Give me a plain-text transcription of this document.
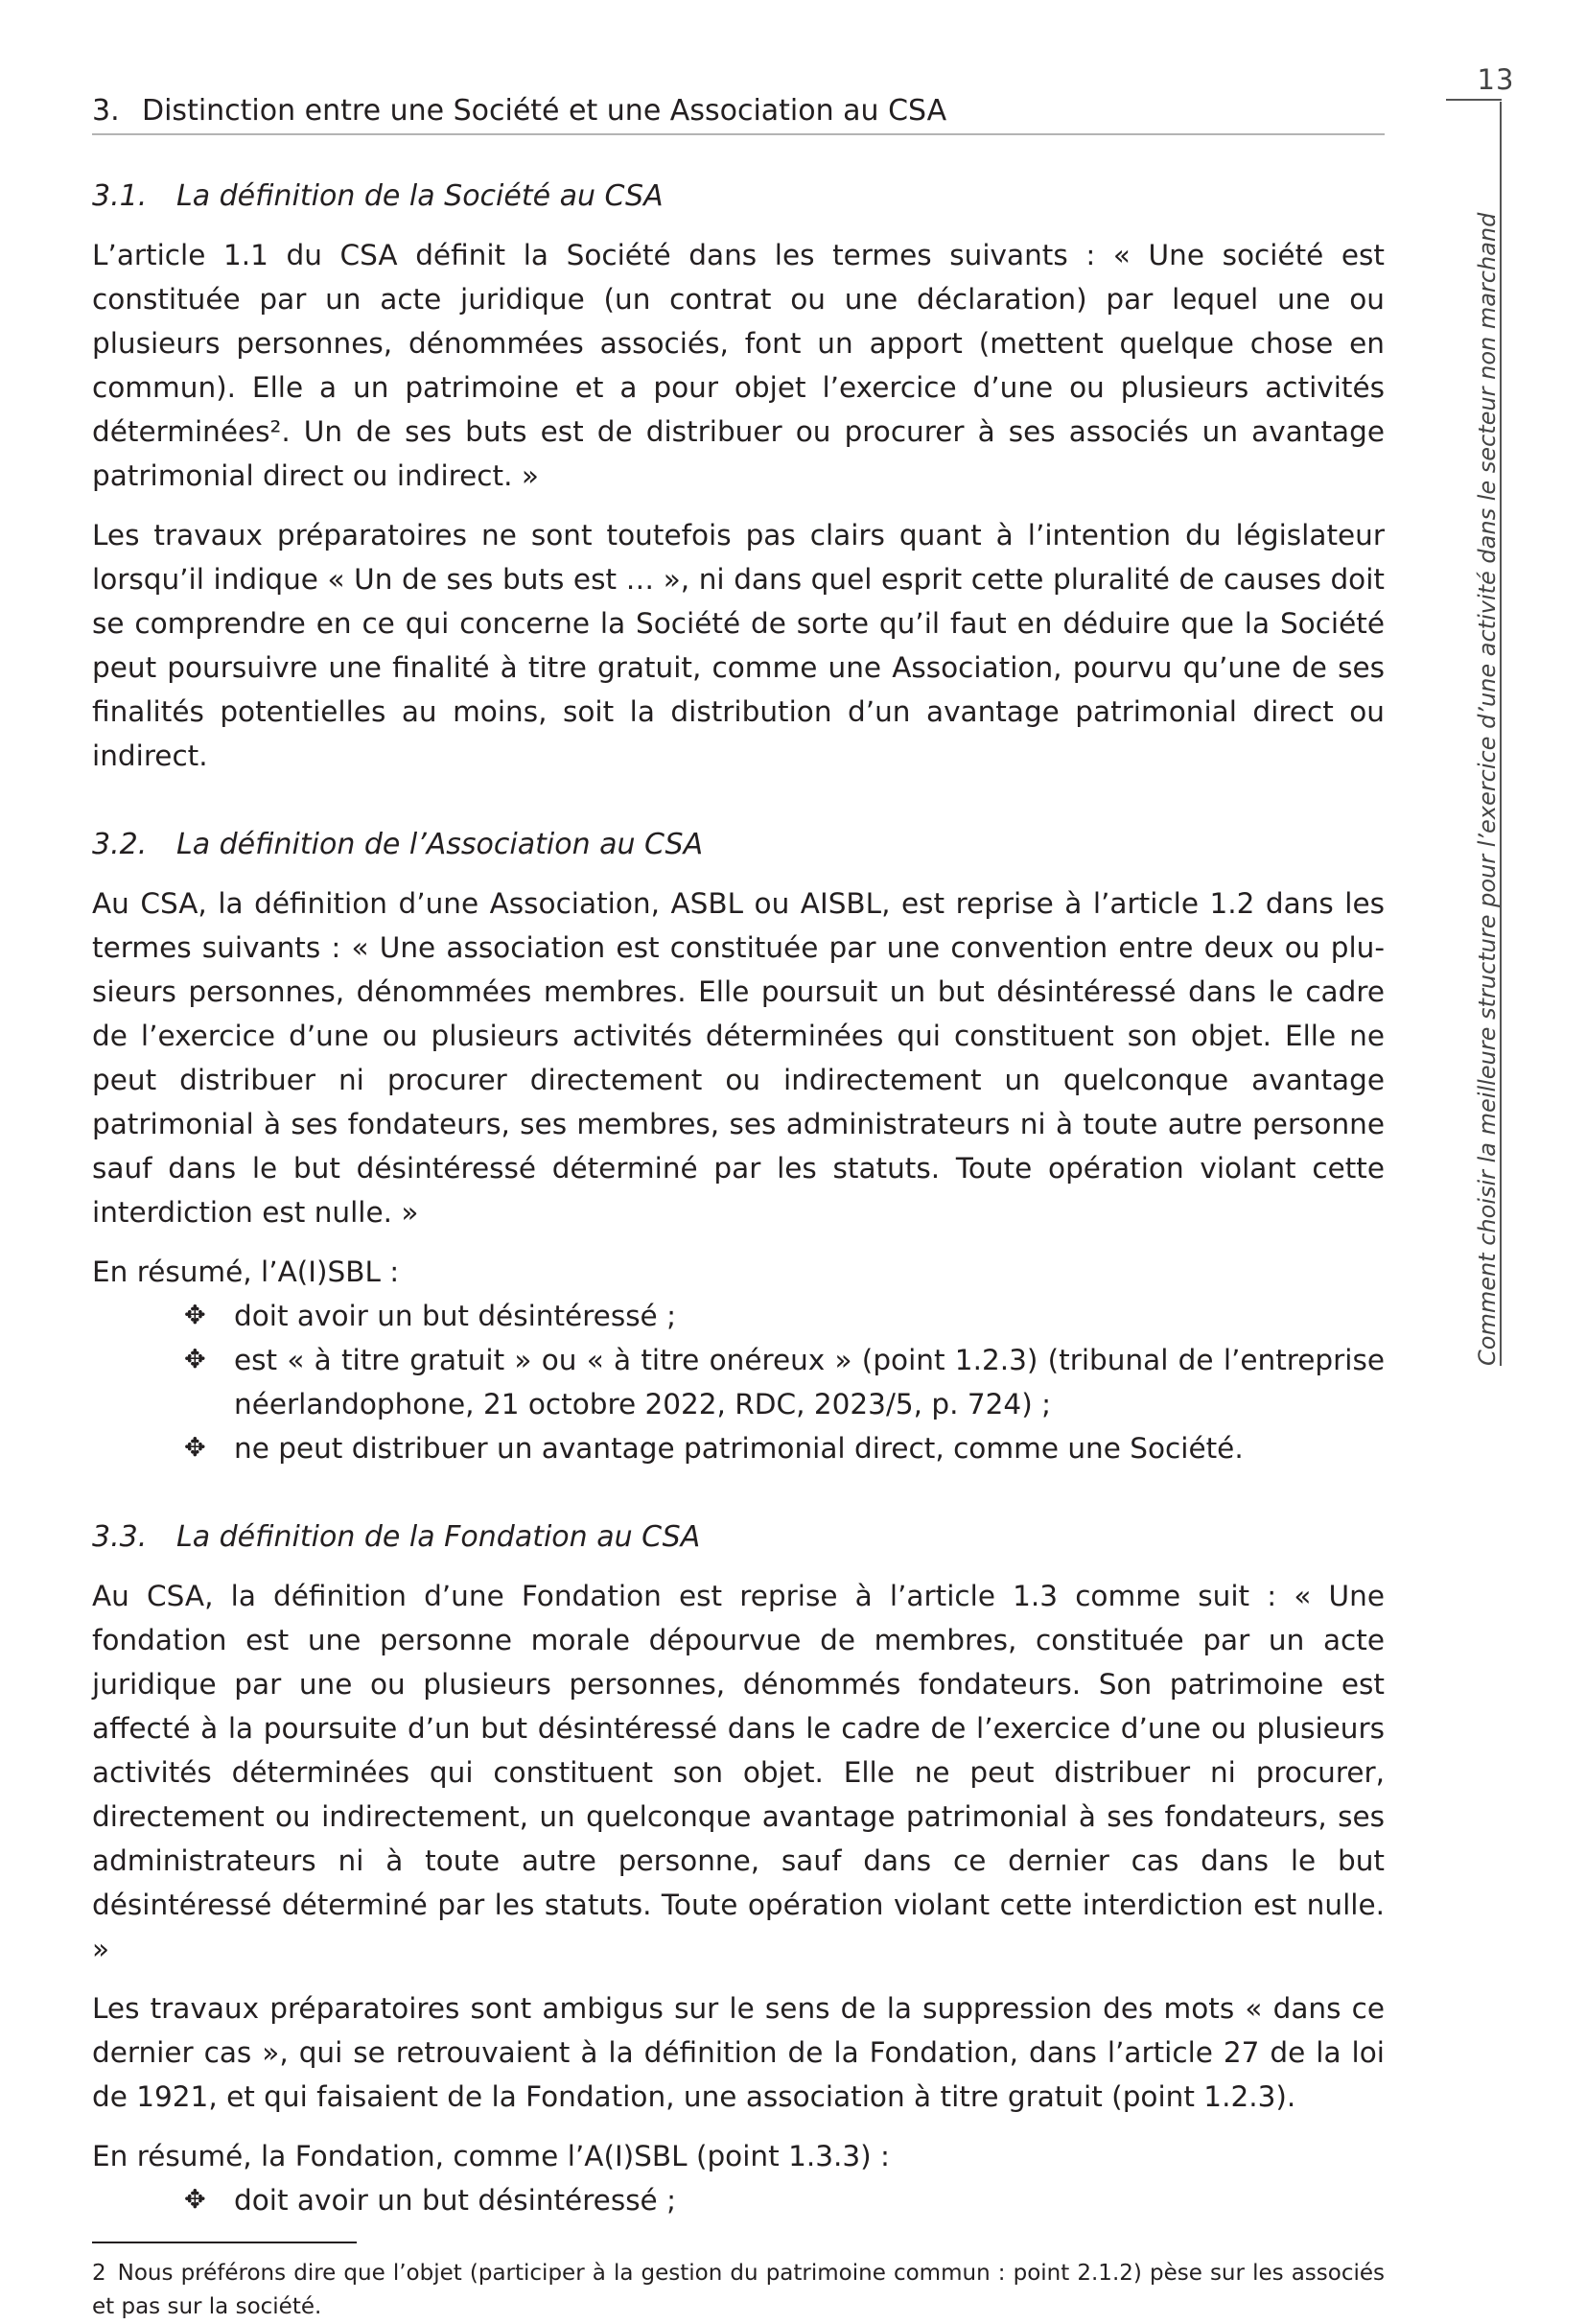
13
Comment choisir la meilleure structure pour l’exercice d’une activité dans le secteur non marchand
3. Distinction entre une Société et une Association au CSA
3.1. La définition de la Société au CSA

L’article 1.1 du CSA définit la Société dans les termes suivants : « Une société est constituée par un acte juridique (un contrat ou une déclaration) par lequel une ou plusieurs personnes, dénommées associés, font un apport (mettent quelque chose en commun). Elle a un patrimoine et a pour objet l’exercice d’une ou plusieurs activités déterminées². Un de ses buts est de distribuer ou procurer à ses associés un avantage patrimonial direct ou indirect. »

Les travaux préparatoires ne sont toutefois pas clairs quant à l’intention du législateur lorsqu’il indique « Un de ses buts est … », ni dans quel esprit cette pluralité de causes doit se comprendre en ce qui concerne la Société de sorte qu’il faut en déduire que la Société peut poursuivre une finalité à titre gratuit, comme une Association, pourvu qu’une de ses finalités potentielles au moins, soit la distribution d’un avantage patrimonial direct ou indirect.

3.2. La définition de l’Association au CSA

Au CSA, la définition d’une Association, ASBL ou AISBL, est reprise à l’article 1.2 dans les termes suivants : « Une association est constituée par une convention entre deux ou plusieurs personnes, dénommées membres. Elle poursuit un but désintéressé dans le cadre de l’exercice d’une ou plusieurs activités déterminées qui constituent son objet. Elle ne peut distribuer ni procurer directement ou indirectement un quelconque avantage patrimonial à ses fondateurs, ses membres, ses administrateurs ni à toute autre personne sauf dans le but désintéressé déterminé par les statuts. Toute opération violant cette interdiction est nulle. »

En résumé, l’A(I)SBL :

✥ doit avoir un but désintéressé ;
✥ est « à titre gratuit » ou « à titre onéreux » (point 1.2.3) (tribunal de l’entreprise néerlandophone, 21 octobre 2022, RDC, 2023/5, p. 724) ;
✥ ne peut distribuer un avantage patrimonial direct, comme une Société.
3.3. La définition de la Fondation au CSA

Au CSA, la définition d’une Fondation est reprise à l’article 1.3 comme suit : « Une fondation est une personne morale dépourvue de membres, constituée par un acte juridique par une ou plusieurs personnes, dénommés fondateurs. Son patrimoine est affecté à la poursuite d’un but désintéressé dans le cadre de l’exercice d’une ou plusieurs activités déterminées qui constituent son objet. Elle ne peut distribuer ni procurer, directement ou indirectement, un quelconque avantage patrimonial à ses fondateurs, ses administrateurs ni à toute autre personne, sauf dans ce dernier cas dans le but désintéressé déterminé par les statuts. Toute opération violant cette interdiction est nulle. »

Les travaux préparatoires sont ambigus sur le sens de la suppression des mots « dans ce dernier cas », qui se retrouvaient à la définition de la Fondation, dans l’article 27 de la loi de 1921, et qui faisaient de la Fondation, une association à titre gratuit (point 1.2.3).

En résumé, la Fondation, comme l’A(I)SBL (point 1.3.3) :

✥ doit avoir un but désintéressé ;

2 Nous préférons dire que l’objet (participer à la gestion du patrimoine commun : point 2.1.2) pèse sur les associés et pas sur la société.
